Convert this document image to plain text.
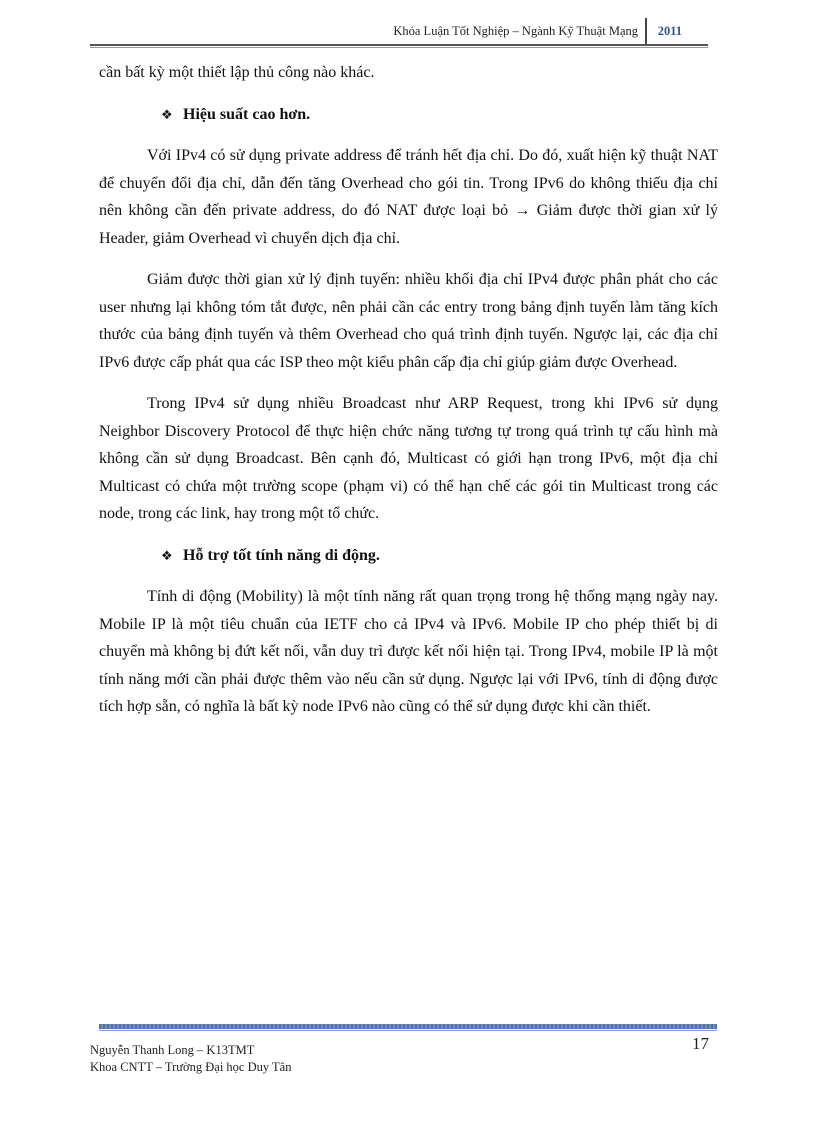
Khóa Luận Tốt Nghiệp – Ngành Kỹ Thuật Mạng 2011

cần bất kỳ một thiết lập thủ công nào khác.

❖ Hiệu suất cao hơn.

Với IPv4 có sử dụng private address để tránh hết địa chỉ. Do đó, xuất hiện kỹ thuật NAT để chuyển đổi địa chỉ, dẫn đến tăng Overhead cho gói tin. Trong IPv6 do không thiếu địa chỉ nên không cần đến private address, do đó NAT được loại bỏ → Giảm được thời gian xử lý Header, giảm Overhead vì chuyển dịch địa chỉ.

Giảm được thời gian xử lý định tuyến: nhiều khối địa chỉ IPv4 được phân phát cho các user nhưng lại không tóm tắt được, nên phải cần các entry trong bảng định tuyến làm tăng kích thước của bảng định tuyến và thêm Overhead cho quá trình định tuyến. Ngược lại, các địa chỉ IPv6 được cấp phát qua các ISP theo một kiểu phân cấp địa chỉ giúp giảm được Overhead.

Trong IPv4 sử dụng nhiều Broadcast như ARP Request, trong khi IPv6 sử dụng Neighbor Discovery Protocol để thực hiện chức năng tương tự trong quá trình tự cấu hình mà không cần sử dụng Broadcast. Bên cạnh đó, Multicast có giới hạn trong IPv6, một địa chỉ Multicast có chứa một trường scope (phạm vi) có thể hạn chế các gói tin Multicast trong các node, trong các link, hay trong một tổ chức.

❖ Hỗ trợ tốt tính năng di động.

Tính di động (Mobility) là một tính năng rất quan trọng trong hệ thống mạng ngày nay. Mobile IP là một tiêu chuẩn của IETF cho cả IPv4 và IPv6. Mobile IP cho phép thiết bị di chuyển mà không bị đứt kết nối, vẫn duy trì được kết nối hiện tại. Trong IPv4, mobile IP là một tính năng mới cần phải được thêm vào nếu cần sử dụng. Ngược lại với IPv6, tính di động được tích hợp sẵn, có nghĩa là bất kỳ node IPv6 nào cũng có thể sử dụng được khi cần thiết.

17
Nguyễn Thanh Long – K13TMT
Khoa CNTT – Trường Đại học Duy Tân
